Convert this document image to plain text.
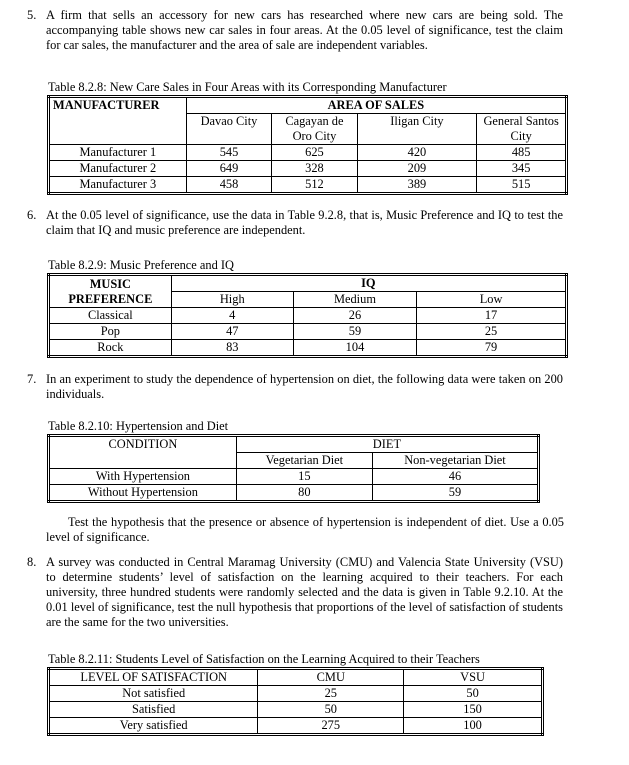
5. A firm that sells an accessory for new cars has researched where new cars are being sold. The accompanying table shows new car sales in four areas. At the 0.05 level of significance, test the claim for car sales, the manufacturer and the area of sale are independent variables.
Table 8.2.8: New Care Sales in Four Areas with its Corresponding Manufacturer
MANUFACTURER	AREA OF SALES			
	Davao City	Cagayan de Oro City	Iligan City	General Santos City
Manufacturer 1	545	625	420	485
Manufacturer 2	649	328	209	345
Manufacturer 3	458	512	389	515
6. At the 0.05 level of significance, use the data in Table 9.2.8, that is, Music Preference and IQ to test the claim that IQ and music preference are independent.
Table 8.2.9: Music Preference and IQ
MUSIC PREFERENCE	IQ		
	High	Medium	Low
Classical	4	26	17
Pop	47	59	25
Rock	83	104	79
7. In an experiment to study the dependence of hypertension on diet, the following data were taken on 200 individuals.
Table 8.2.10: Hypertension and Diet
CONDITION	DIET	
	Vegetarian Diet	Non-vegetarian Diet
With Hypertension	15	46
Without Hypertension	80	59
Test the hypothesis that the presence or absence of hypertension is independent of diet. Use a 0.05 level of significance.
8. A survey was conducted in Central Maramag University (CMU) and Valencia State University (VSU) to determine students’ level of satisfaction on the learning acquired to their teachers. For each university, three hundred students were randomly selected and the data is given in Table 9.2.10. At the 0.01 level of significance, test the null hypothesis that proportions of the level of satisfaction of students are the same for the two universities.
Table 8.2.11: Students Level of Satisfaction on the Learning Acquired to their Teachers
LEVEL OF SATISFACTION	CMU	VSU
Not satisfied	25	50
Satisfied	50	150
Very satisfied	275	100
